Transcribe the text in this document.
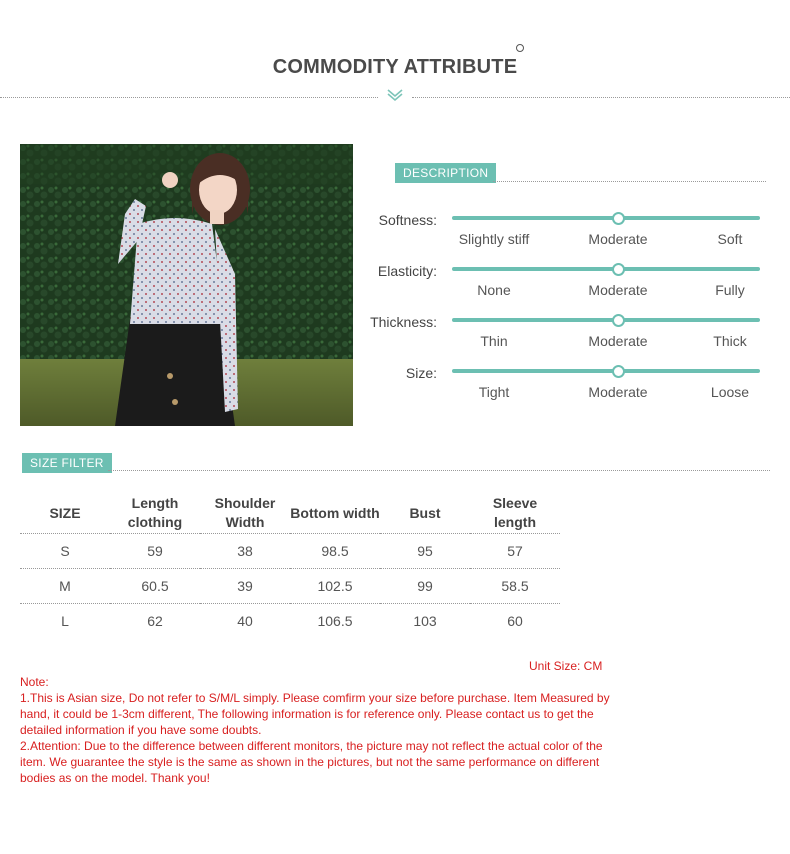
COMMODITY ATTRIBUTE
DESCRIPTION
Softness:
Slightly stiff	Moderate	Soft
Elasticity:
None	Moderate	Fully
Thickness:
Thin	Moderate	Thick
Size:
Tight	Moderate	Loose
SIZE FILTER
SIZE	Length clothing	Shoulder Width	Bottom width	Bust	Sleeve length
S	59	38	98.5	95	57
M	60.5	39	102.5	99	58.5
L	62	40	106.5	103	60
Unit Size: CM
Note:
1.This is Asian size, Do not refer to S/M/L simply. Please comfirm your size before purchase. Item Measured by hand, it could be 1-3cm different, The following information is for reference only. Please contact us to get the detailed information if you have some doubts.
2.Attention: Due to the difference between different monitors, the picture may not reflect the actual color of the item. We guarantee the style is the same as shown in the pictures, but not the same performance on different bodies as on the model. Thank you!
